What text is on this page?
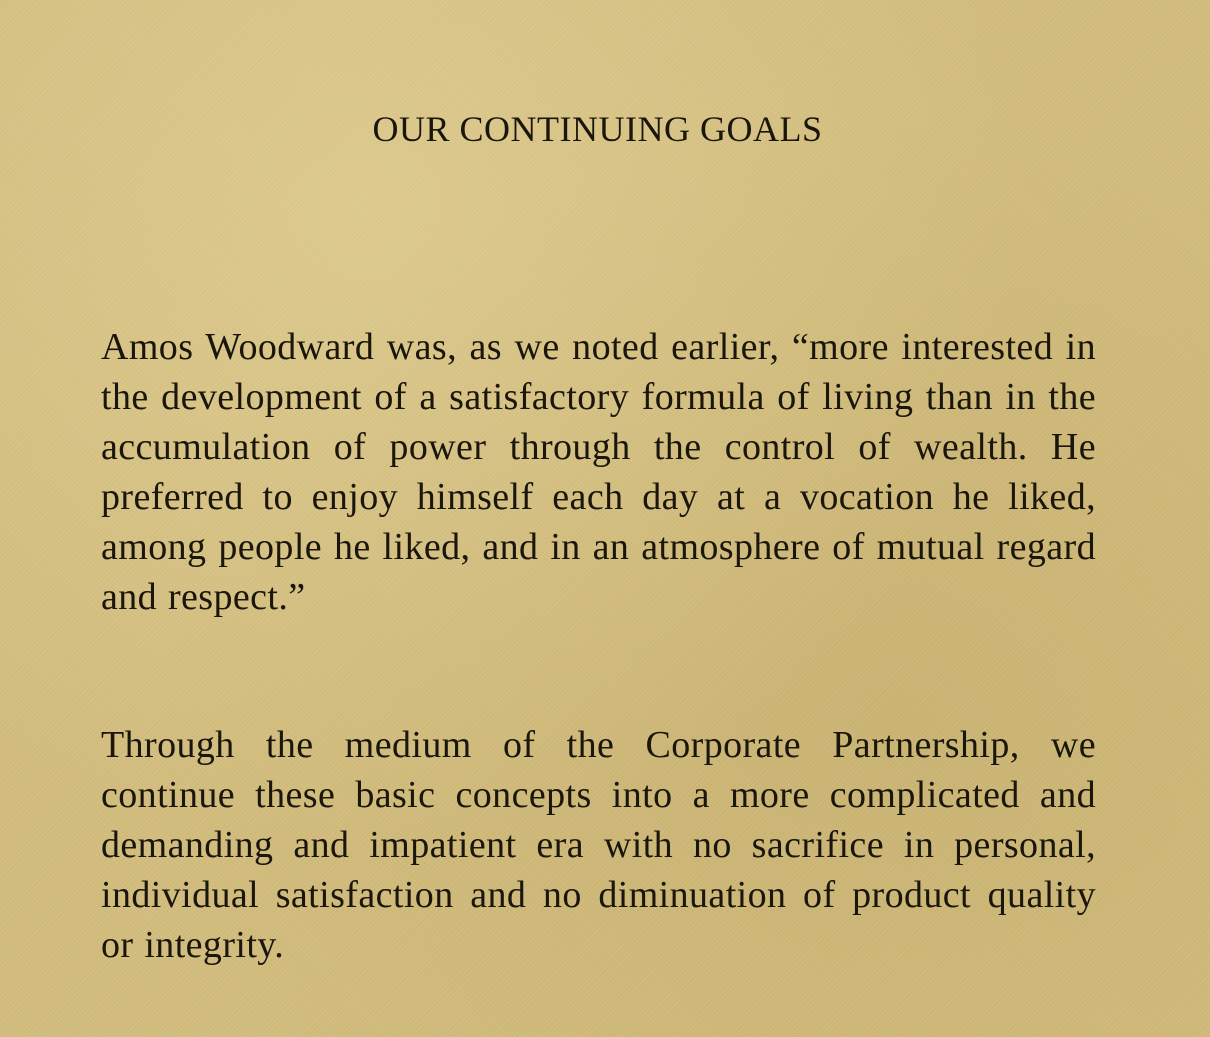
OUR CONTINUING GOALS

Amos Woodward was, as we noted earlier, “more interested in the development of a satisfactory formula of living than in the accumulation of power through the control of wealth. He preferred to enjoy himself each day at a vocation he liked, among people he liked, and in an atmosphere of mutual regard and respect.”

Through the medium of the Corporate Partnership, we continue these basic concepts into a more complicated and demanding and impatient era with no sacrifice in personal, individual satisfaction and no diminuation of product quality or integrity.
